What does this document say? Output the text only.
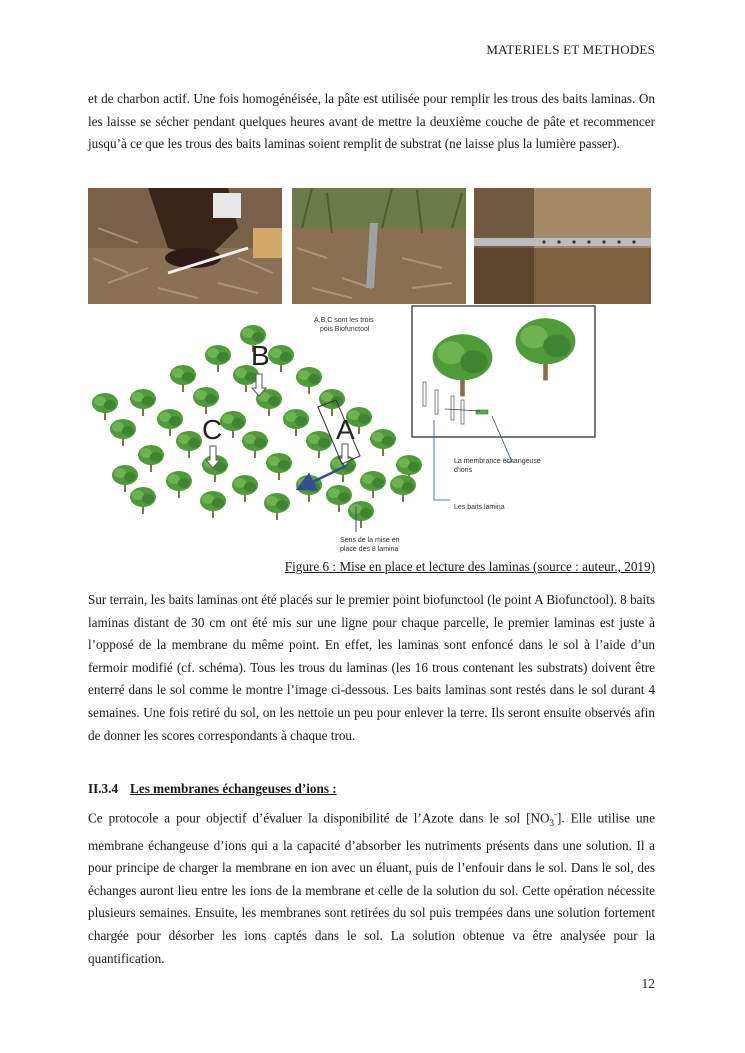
MATERIELS ET METHODES
et de charbon actif. Une fois homogénéisée, la pâte est utilisée pour remplir les trous des baits laminas. On les laisse se sécher pendant quelques heures avant de mettre la deuxième couche de pâte et recommencer jusqu’à ce que les trous des baits laminas soient remplit de substrat (ne laisse plus la lumière passer).
B
C	A
A,B,C sont les trois
pois Biofunctool
Sens de la mise en
place des 8 lamina
Les baits lamina
La membrance échangeuse
d'ions
Figure 6 : Mise en place et lecture des laminas (source : auteur., 2019)
Sur terrain, les baits laminas ont été placés sur le premier point biofunctool (le point A Biofunctool). 8 baits laminas distant de 30 cm ont été mis sur une ligne pour chaque parcelle, le premier laminas est juste à l’opposé de la membrane du même point. En effet, les laminas sont enfoncé dans le sol à l’aide d’un fermoir modifié (cf. schéma). Tous les trous du laminas (les 16 trous contenant les substrats) doivent être enterré dans le sol comme le montre l’image ci-dessous. Les baits laminas sont restés dans le sol durant 4 semaines. Une fois retiré du sol, on les nettoie un peu pour enlever la terre. Ils seront ensuite observés afin de donner les scores correspondants à chaque trou.
II.3.4 Les membranes échangeuses d’ions :
Ce protocole a pour objectif d’évaluer la disponibilité de l’Azote dans le sol $[NO_3^-]$. Elle utilise une membrane échangeuse d’ions qui a la capacité d’absorber les nutriments présents dans une solution. Il a pour principe de charger la membrane en ion avec un éluant, puis de l’enfouir dans le sol. Dans le sol, des échanges auront lieu entre les ions de la membrane et celle de la solution du sol. Cette opération nécessite plusieurs semaines. Ensuite, les membranes sont retirées du sol puis trempées dans une solution fortement chargée pour désorber les ions captés dans le sol. La solution obtenue va être analysée pour la quantification.
12
